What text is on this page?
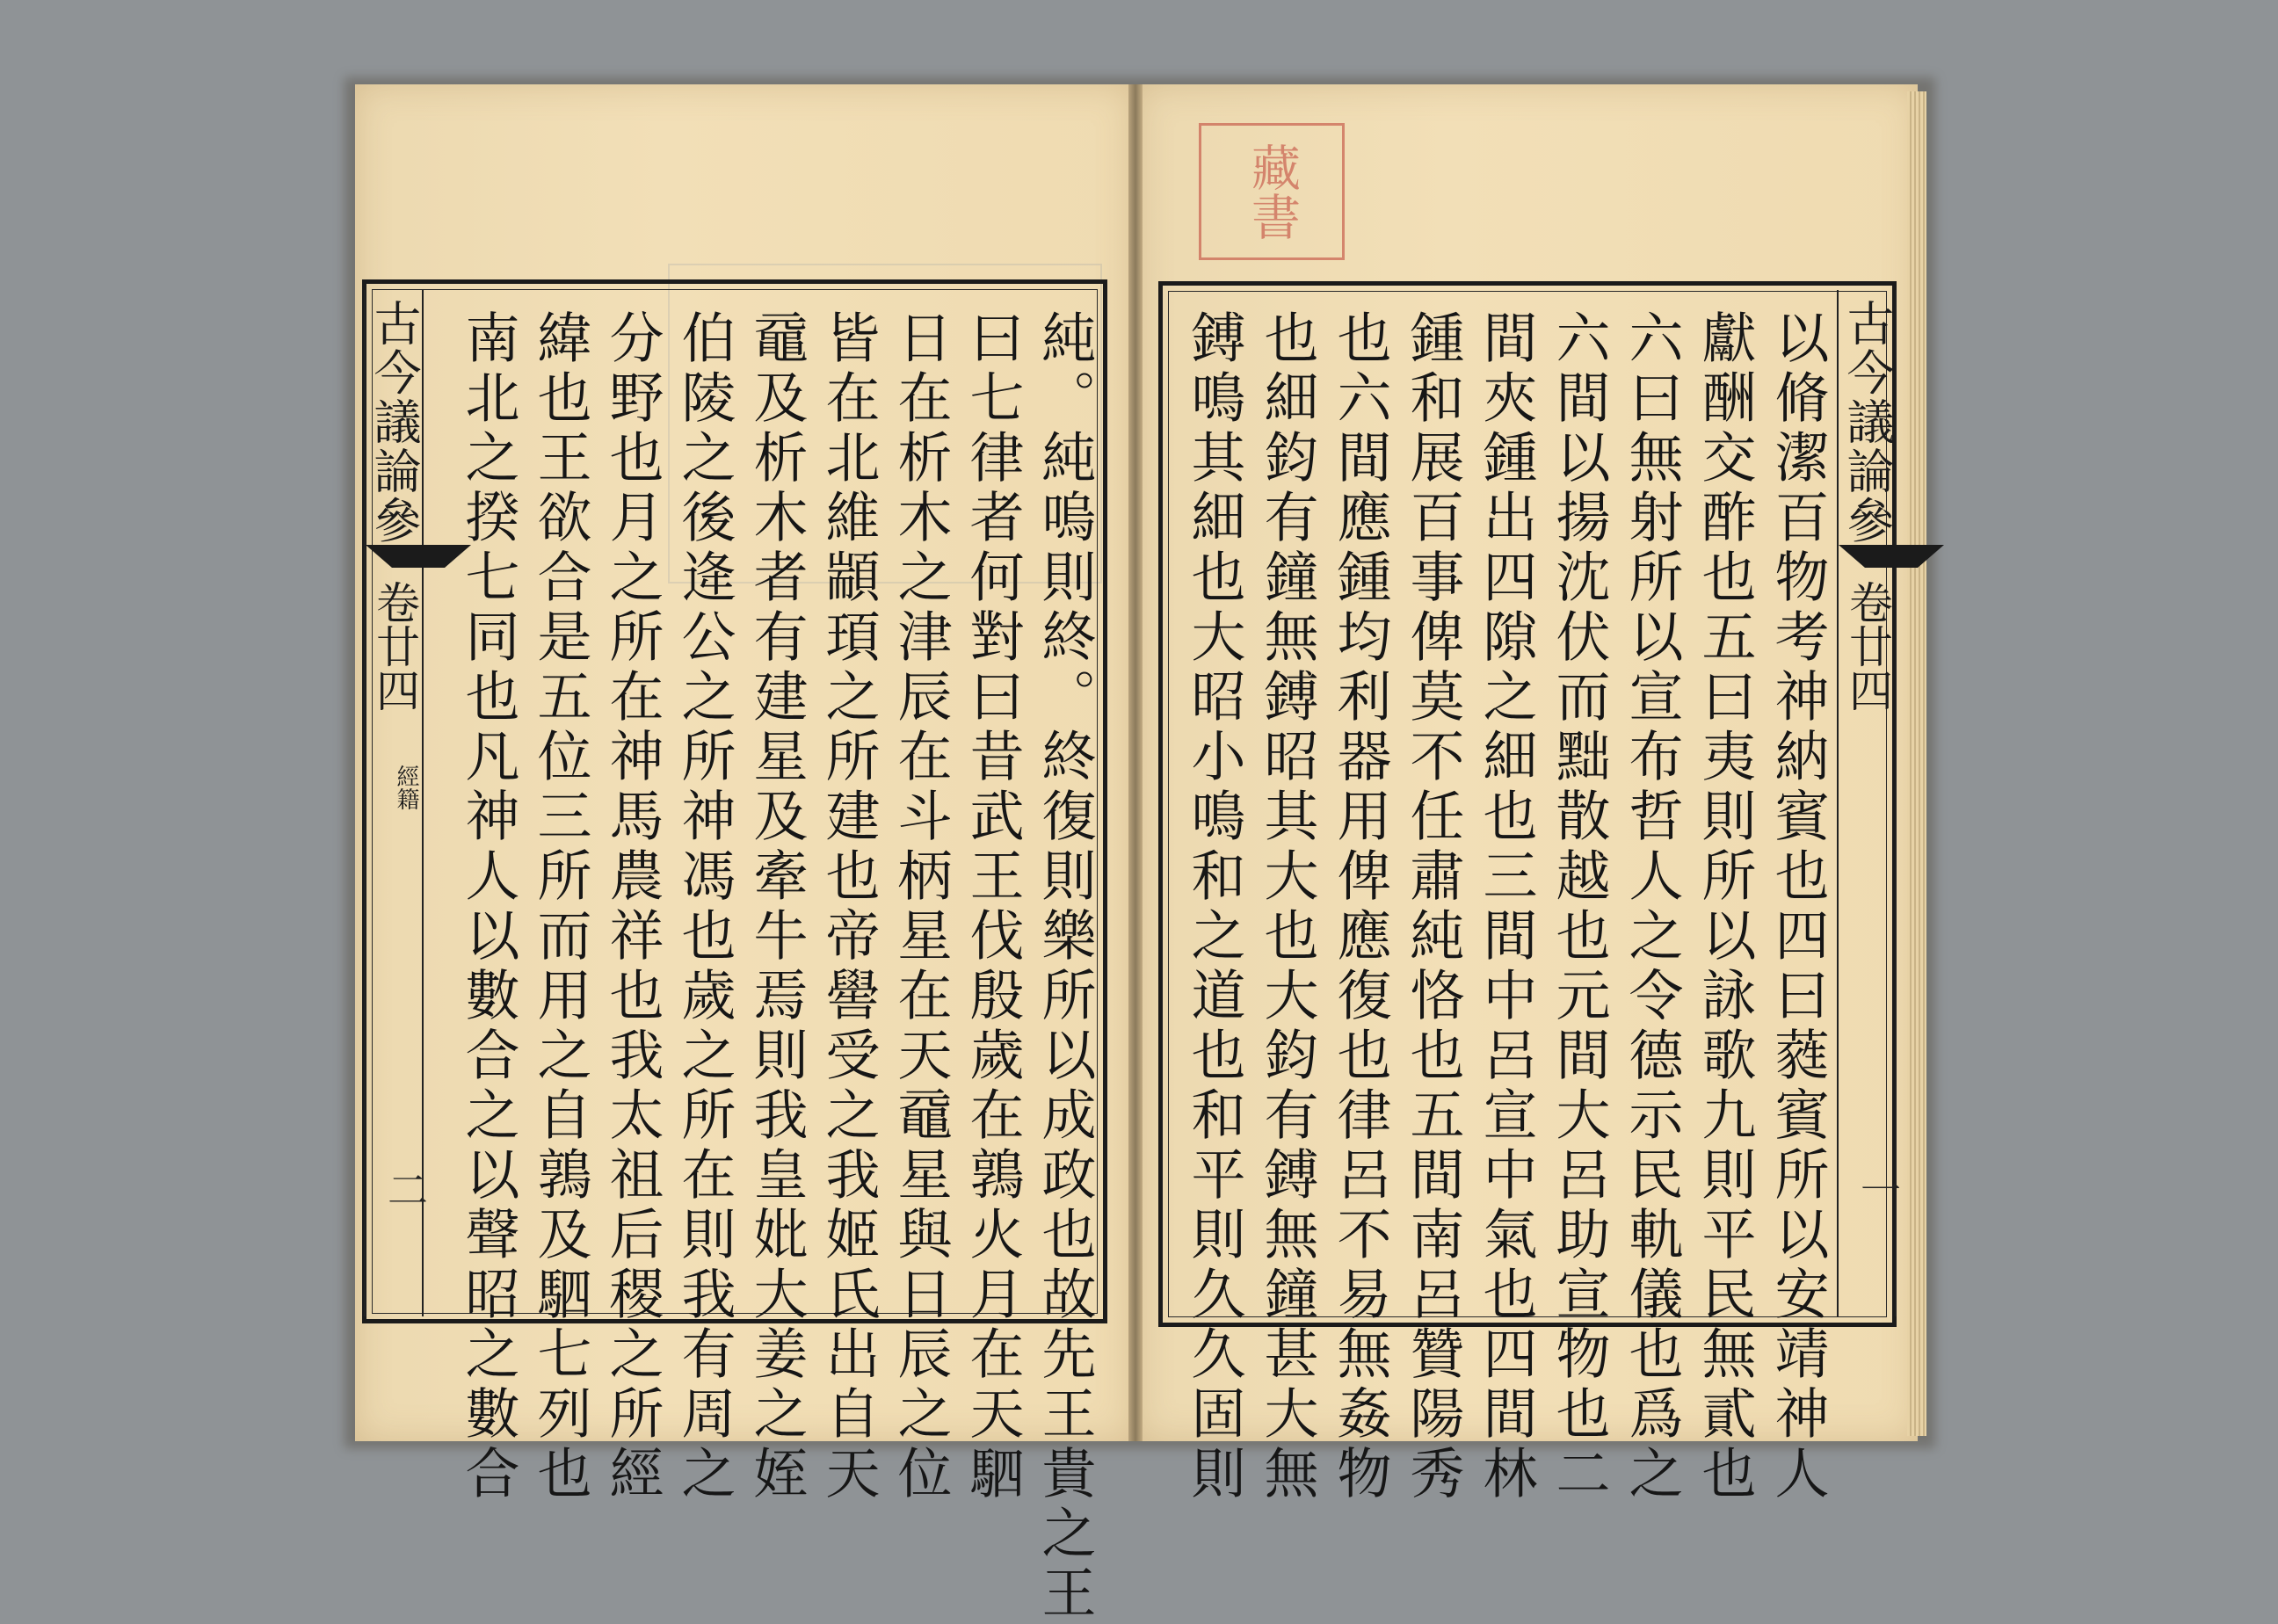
藏書
古今議論參
卷廿四
一
以脩潔百物考神納賓也四曰蕤賓所以安靖神人
獻酬交酢也五曰夷則所以詠歌九則平民無貳也
六曰無射所以宣布哲人之令德示民軌儀也爲之
六間以揚沈伏而黜散越也元間大呂助宣物也二
間夾鍾出四隙之細也三間中呂宣中氣也四間林
鍾和展百事俾莫不任肅純恪也五間南呂贊陽秀
也六間應鍾均利器用俾應復也律呂不易無姦物
也細鈞有鐘無鎛昭其大也大鈞有鎛無鐘甚大無
鎛鳴其細也大昭小鳴和之道也和平則久久固則
古今議論參
卷廿四
經籍
二	純。純嗚則終。終復則樂所以成政也故先王貴之王
曰七律者何對曰昔武王伐殷歲在鶉火月在天駟
日在析木之津辰在斗柄星在天黿星與日辰之位
皆在北維顓頊之所建也帝嚳受之我姬氏出自天
黿及析木者有建星及牽牛焉則我皇妣大姜之姪
伯陵之後逄公之所神馮也歲之所在則我有周之
分野也月之所在神馬農祥也我太祖后稷之所經
緯也王欲合是五位三所而用之自鶉及駟七列也
南北之揆七同也凡神人以數合之以聲昭之數合
